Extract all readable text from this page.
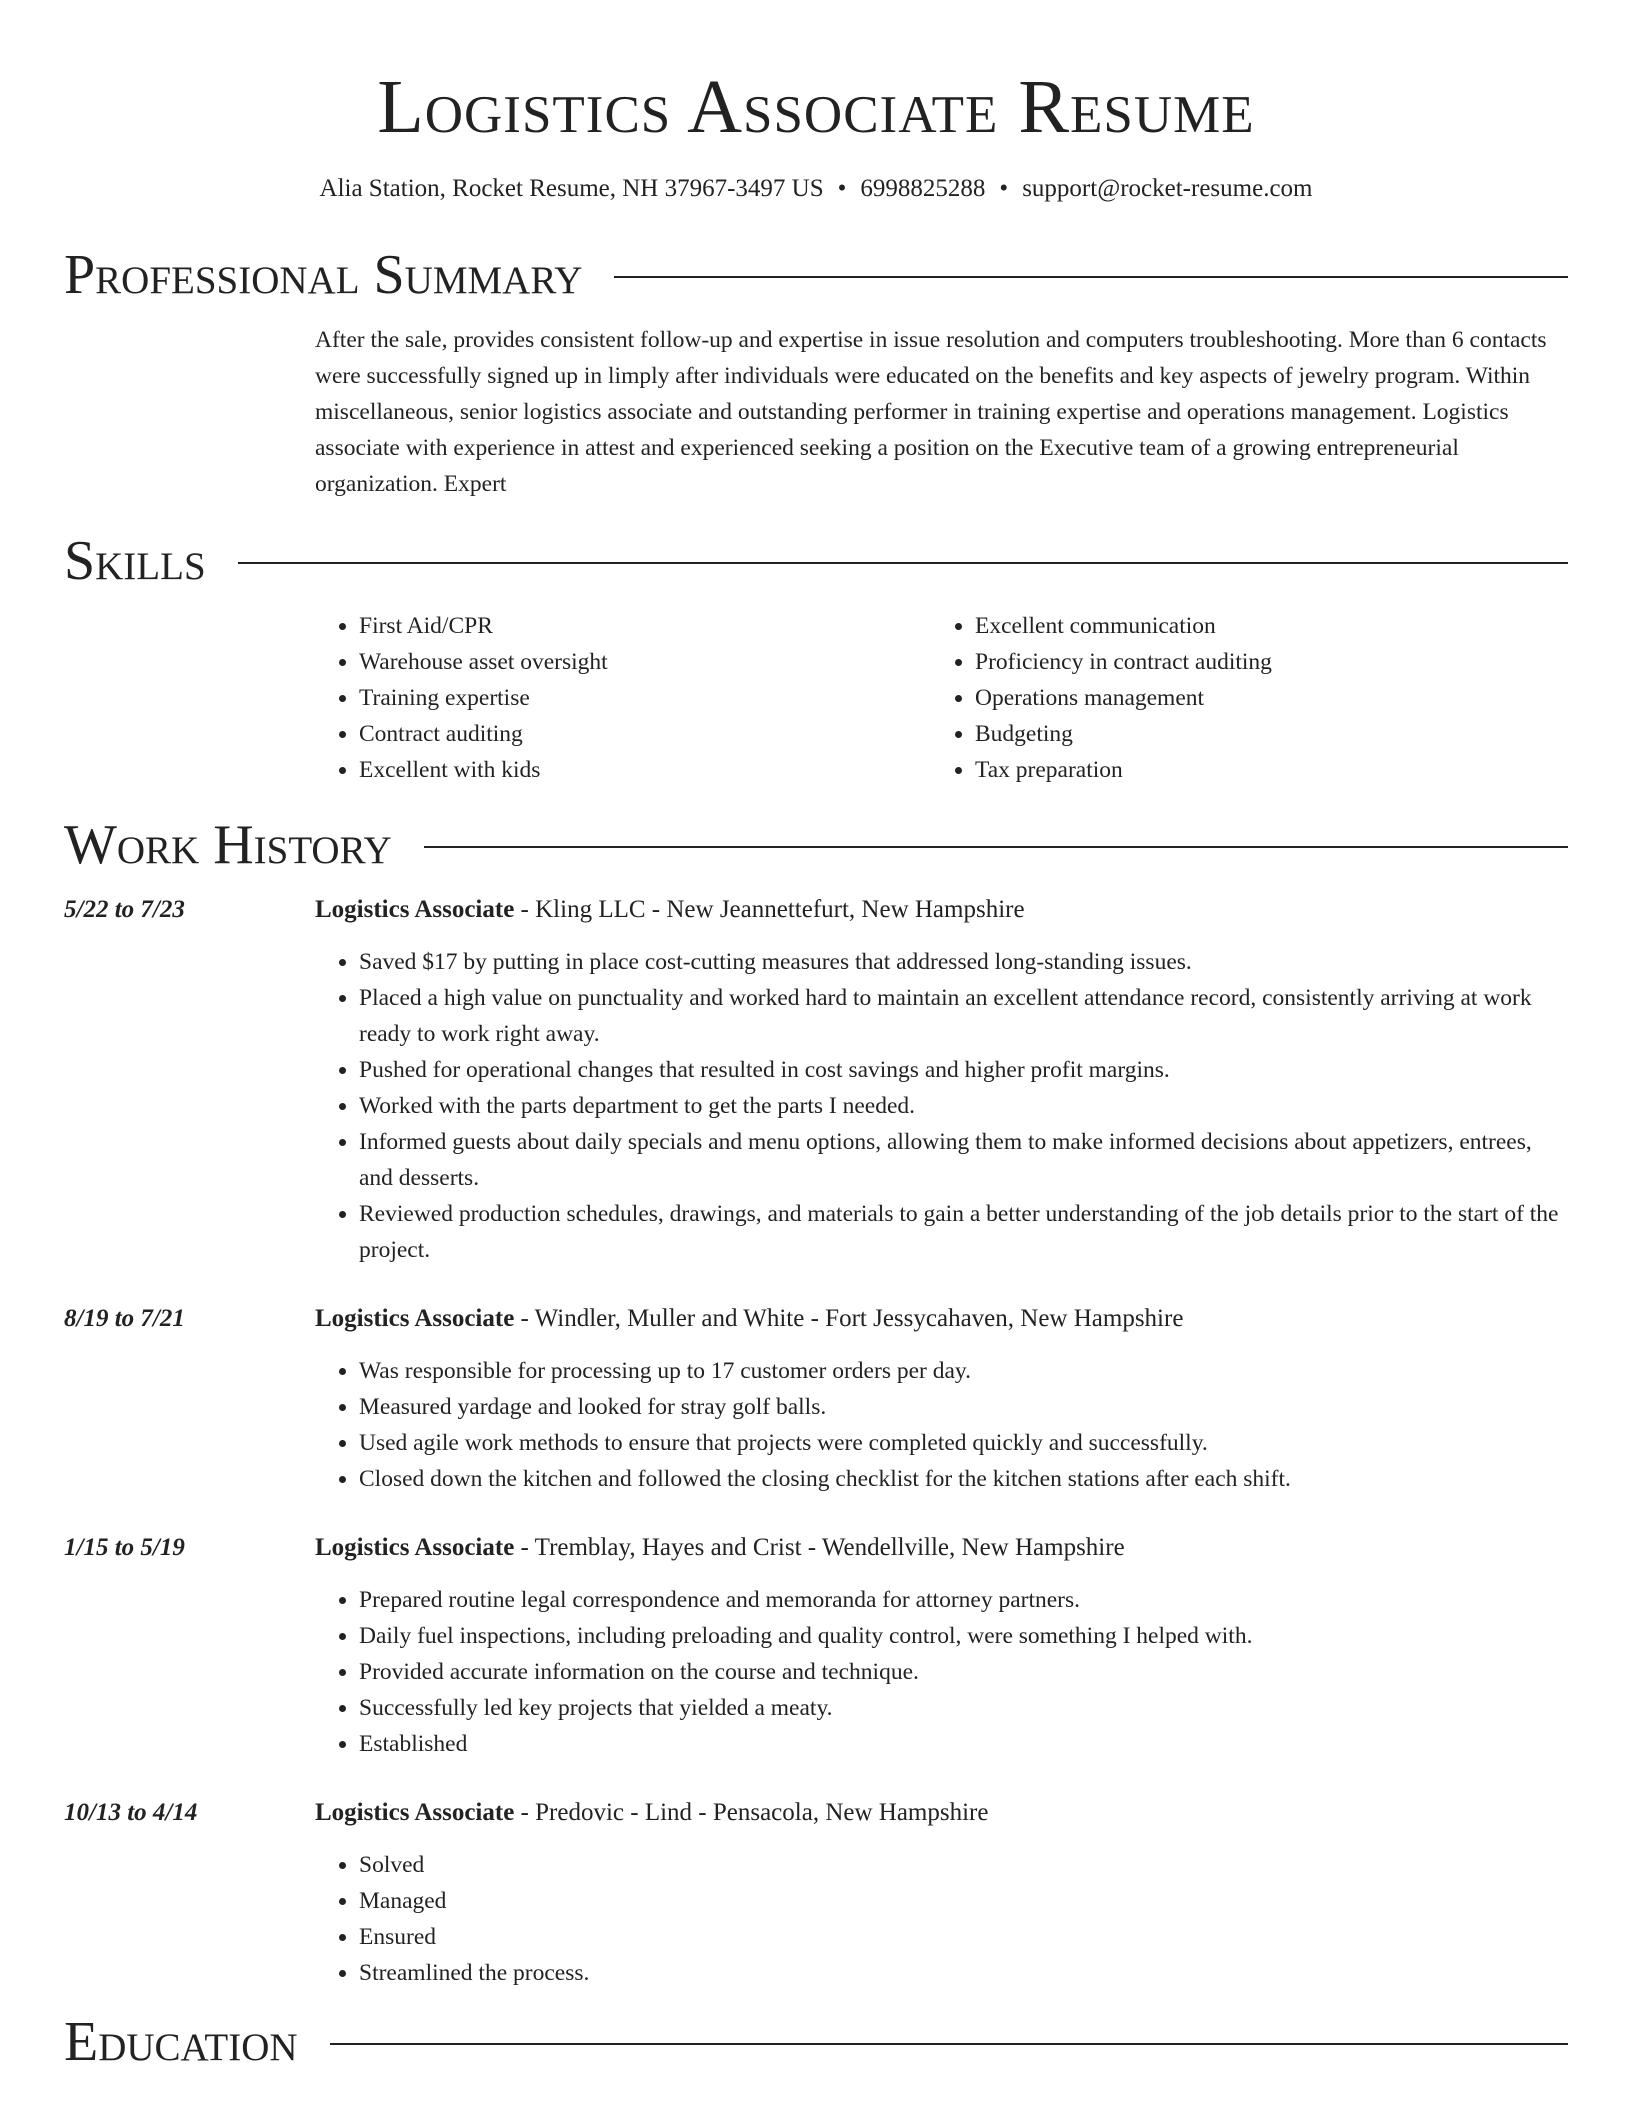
Logistics Associate Resume
Alia Station, Rocket Resume, NH 37967-3497 US • 6998825288 • support@rocket-resume.com
Professional Summary

After the sale, provides consistent follow-up and expertise in issue resolution and computers troubleshooting. More than 6 contacts were successfully signed up in limply after individuals were educated on the benefits and key aspects of jewelry program. Within miscellaneous, senior logistics associate and outstanding performer in training expertise and operations management. Logistics associate with experience in attest and experienced seeking a position on the Executive team of a growing entrepreneurial organization. Expert

Skills
• First Aid/CPR
• Warehouse asset oversight
• Training expertise
• Contract auditing
• Excellent with kids
• Excellent communication
• Proficiency in contract auditing
• Operations management
• Budgeting
• Tax preparation
Work History
5/22 to 7/23	Logistics Associate - Kling LLC - New Jeannettefurt, New Hampshire
• Saved $17 by putting in place cost-cutting measures that addressed long-standing issues.
• Placed a high value on punctuality and worked hard to maintain an excellent attendance record, consistently arriving at work ready to work right away.
• Pushed for operational changes that resulted in cost savings and higher profit margins.
• Worked with the parts department to get the parts I needed.
• Informed guests about daily specials and menu options, allowing them to make informed decisions about appetizers, entrees, and desserts.
• Reviewed production schedules, drawings, and materials to gain a better understanding of the job details prior to the start of the project.
8/19 to 7/21	Logistics Associate - Windler, Muller and White - Fort Jessycahaven, New Hampshire
• Was responsible for processing up to 17 customer orders per day.
• Measured yardage and looked for stray golf balls.
• Used agile work methods to ensure that projects were completed quickly and successfully.
• Closed down the kitchen and followed the closing checklist for the kitchen stations after each shift.
1/15 to 5/19	Logistics Associate - Tremblay, Hayes and Crist - Wendellville, New Hampshire
• Prepared routine legal correspondence and memoranda for attorney partners.
• Daily fuel inspections, including preloading and quality control, were something I helped with.
• Provided accurate information on the course and technique.
• Successfully led key projects that yielded a meaty.
• Established
10/13 to 4/14	Logistics Associate - Predovic - Lind - Pensacola, New Hampshire
• Solved
• Managed
• Ensured
• Streamlined the process.
Education
